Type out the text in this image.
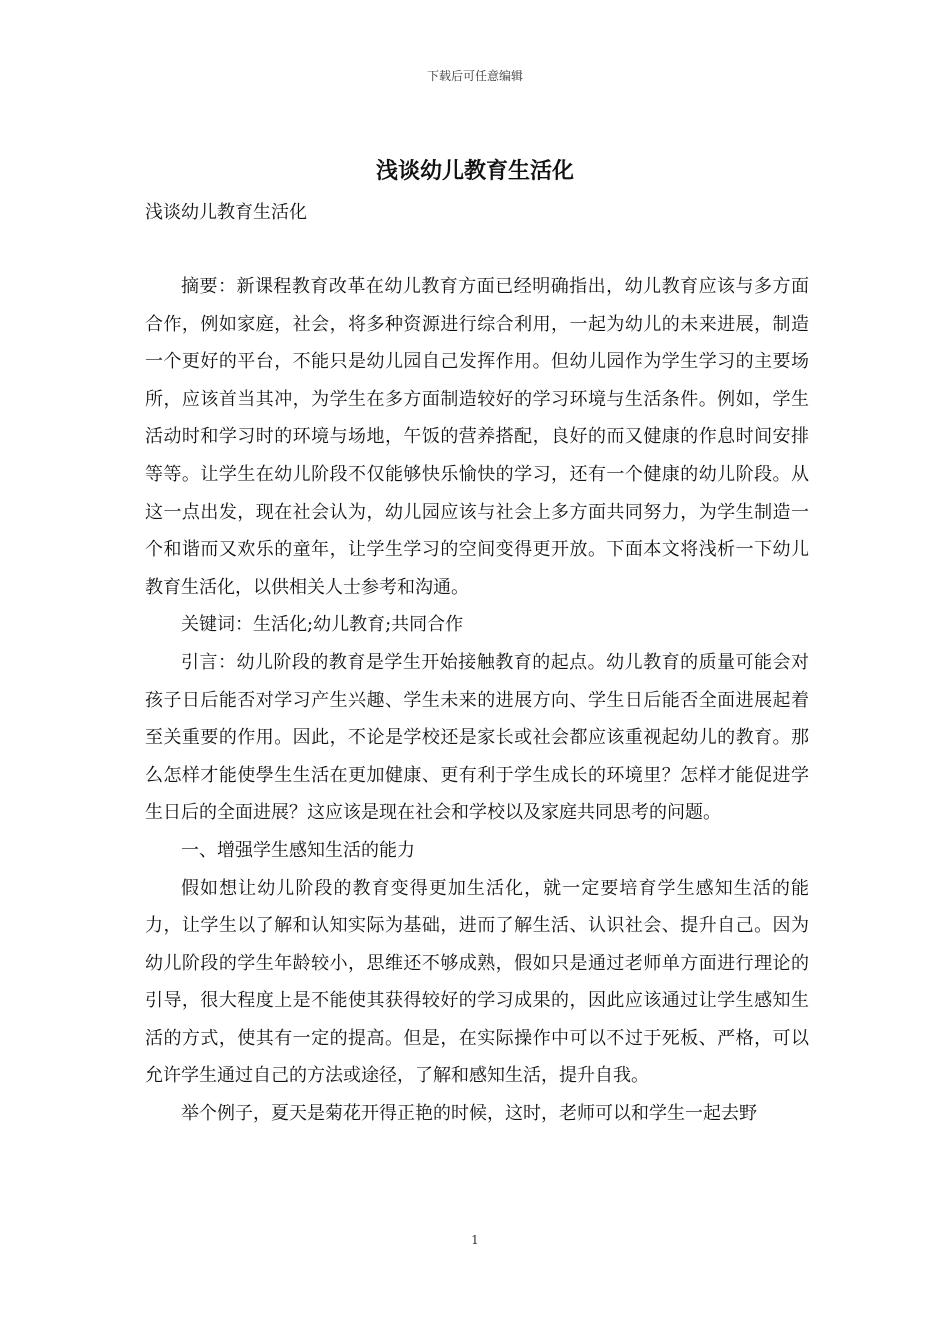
下载后可任意编辑
浅谈幼儿教育生活化
浅谈幼儿教育生活化

摘要：新课程教育改革在幼儿教育方面已经明确指出，幼儿教育应该与多方面合作，例如家庭，社会，将多种资源进行综合利用，一起为幼儿的未来进展，制造一个更好的平台，不能只是幼儿园自己发挥作用。但幼儿园作为学生学习的主要场所，应该首当其冲，为学生在多方面制造较好的学习环境与生活条件。例如，学生活动时和学习时的环境与场地，午饭的营养搭配，良好的而又健康的作息时间安排等等。让学生在幼儿阶段不仅能够快乐愉快的学习，还有一个健康的幼儿阶段。从这一点出发，现在社会认为，幼儿园应该与社会上多方面共同努力，为学生制造一个和谐而又欢乐的童年，让学生学习的空间变得更开放。下面本文将浅析一下幼儿教育生活化，以供相关人士参考和沟通。

关键词：生活化;幼儿教育;共同合作

引言：幼儿阶段的教育是学生开始接触教育的起点。幼儿教育的质量可能会对孩子日后能否对学习产生兴趣、学生未来的进展方向、学生日后能否全面进展起着至关重要的作用。因此，不论是学校还是家长或社会都应该重视起幼儿的教育。那么怎样才能使學生生活在更加健康、更有利于学生成长的环境里？怎样才能促进学生日后的全面进展？这应该是现在社会和学校以及家庭共同思考的问题。

一、增强学生感知生活的能力

假如想让幼儿阶段的教育变得更加生活化，就一定要培育学生感知生活的能力，让学生以了解和认知实际为基础，进而了解生活、认识社会、提升自己。因为幼儿阶段的学生年龄较小，思维还不够成熟，假如只是通过老师单方面进行理论的引导，很大程度上是不能使其获得较好的学习成果的，因此应该通过让学生感知生活的方式，使其有一定的提高。但是，在实际操作中可以不过于死板、严格，可以允许学生通过自己的方法或途径，了解和感知生活，提升自我。

举个例子，夏天是菊花开得正艳的时候，这时，老师可以和学生一起去野

1
